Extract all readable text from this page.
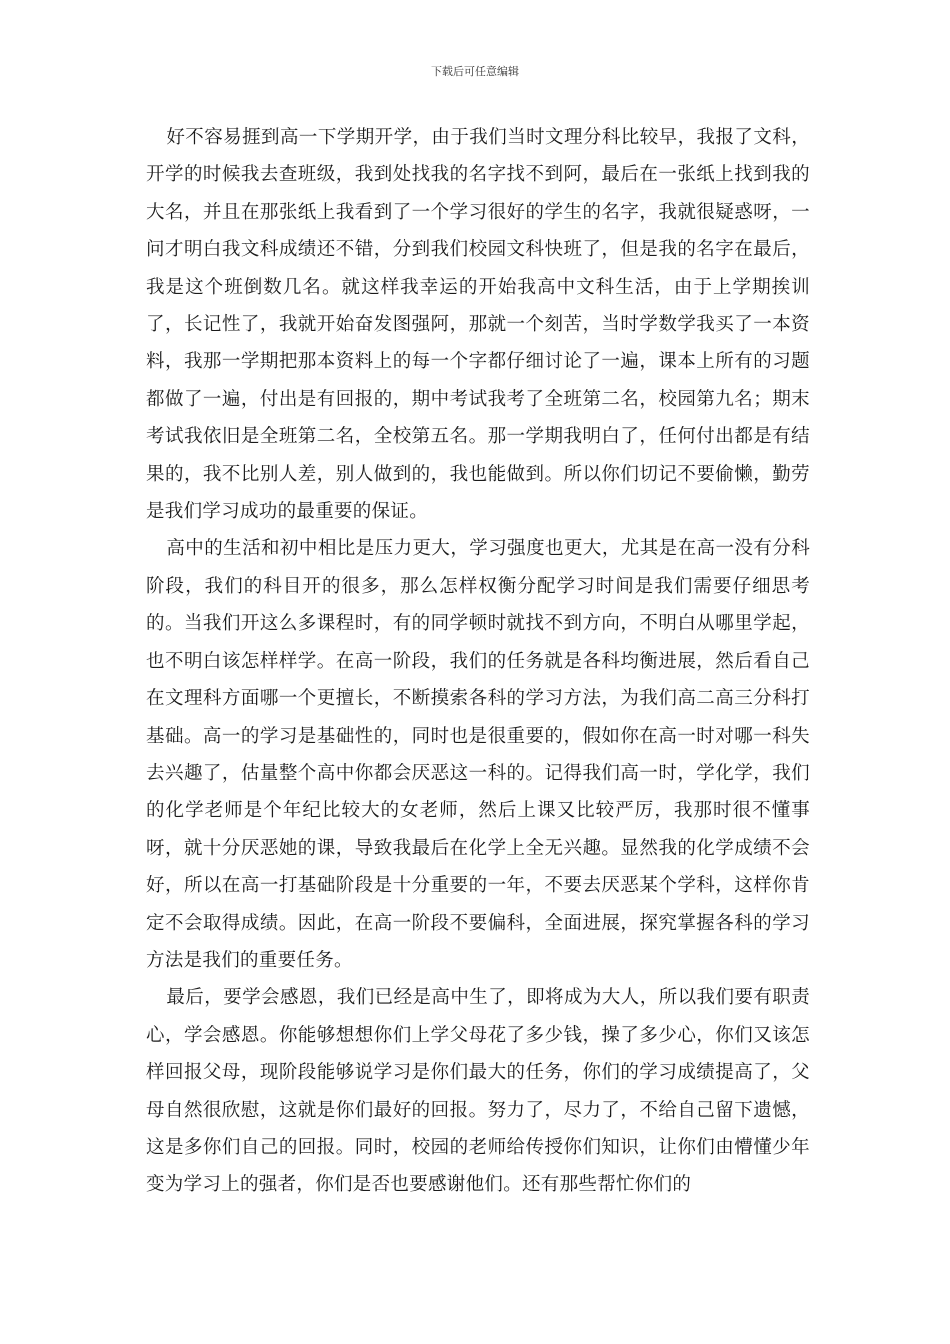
下载后可任意编辑

好不容易捱到高一下学期开学，由于我们当时文理分科比较早，我报了文科，开学的时候我去查班级，我到处找我的名字找不到阿，最后在一张纸上找到我的大名，并且在那张纸上我看到了一个学习很好的学生的名字，我就很疑惑呀，一问才明白我文科成绩还不错，分到我们校园文科快班了，但是我的名字在最后，我是这个班倒数几名。就这样我幸运的开始我高中文科生活，由于上学期挨训了，长记性了，我就开始奋发图强阿，那就一个刻苦，当时学数学我买了一本资料，我那一学期把那本资料上的每一个字都仔细讨论了一遍，课本上所有的习题都做了一遍，付出是有回报的，期中考试我考了全班第二名，校园第九名；期末考试我依旧是全班第二名，全校第五名。那一学期我明白了，任何付出都是有结果的，我不比别人差，别人做到的，我也能做到。所以你们切记不要偷懒，勤劳是我们学习成功的最重要的保证。

高中的生活和初中相比是压力更大，学习强度也更大，尤其是在高一没有分科阶段，我们的科目开的很多，那么怎样权衡分配学习时间是我们需要仔细思考的。当我们开这么多课程时，有的同学顿时就找不到方向，不明白从哪里学起，也不明白该怎样样学。在高一阶段，我们的任务就是各科均衡进展，然后看自己在文理科方面哪一个更擅长，不断摸索各科的学习方法，为我们高二高三分科打基础。高一的学习是基础性的，同时也是很重要的，假如你在高一时对哪一科失去兴趣了，估量整个高中你都会厌恶这一科的。记得我们高一时，学化学，我们的化学老师是个年纪比较大的女老师，然后上课又比较严厉，我那时很不懂事呀，就十分厌恶她的课，导致我最后在化学上全无兴趣。显然我的化学成绩不会好，所以在高一打基础阶段是十分重要的一年，不要去厌恶某个学科，这样你肯定不会取得成绩。因此，在高一阶段不要偏科，全面进展，探究掌握各科的学习方法是我们的重要任务。

最后，要学会感恩，我们已经是高中生了，即将成为大人，所以我们要有职责心，学会感恩。你能够想想你们上学父母花了多少钱，操了多少心，你们又该怎样回报父母，现阶段能够说学习是你们最大的任务，你们的学习成绩提高了，父母自然很欣慰，这就是你们最好的回报。努力了，尽力了，不给自己留下遗憾，这是多你们自己的回报。同时，校园的老师给传授你们知识，让你们由懵懂少年变为学习上的强者，你们是否也要感谢他们。还有那些帮忙你们的
